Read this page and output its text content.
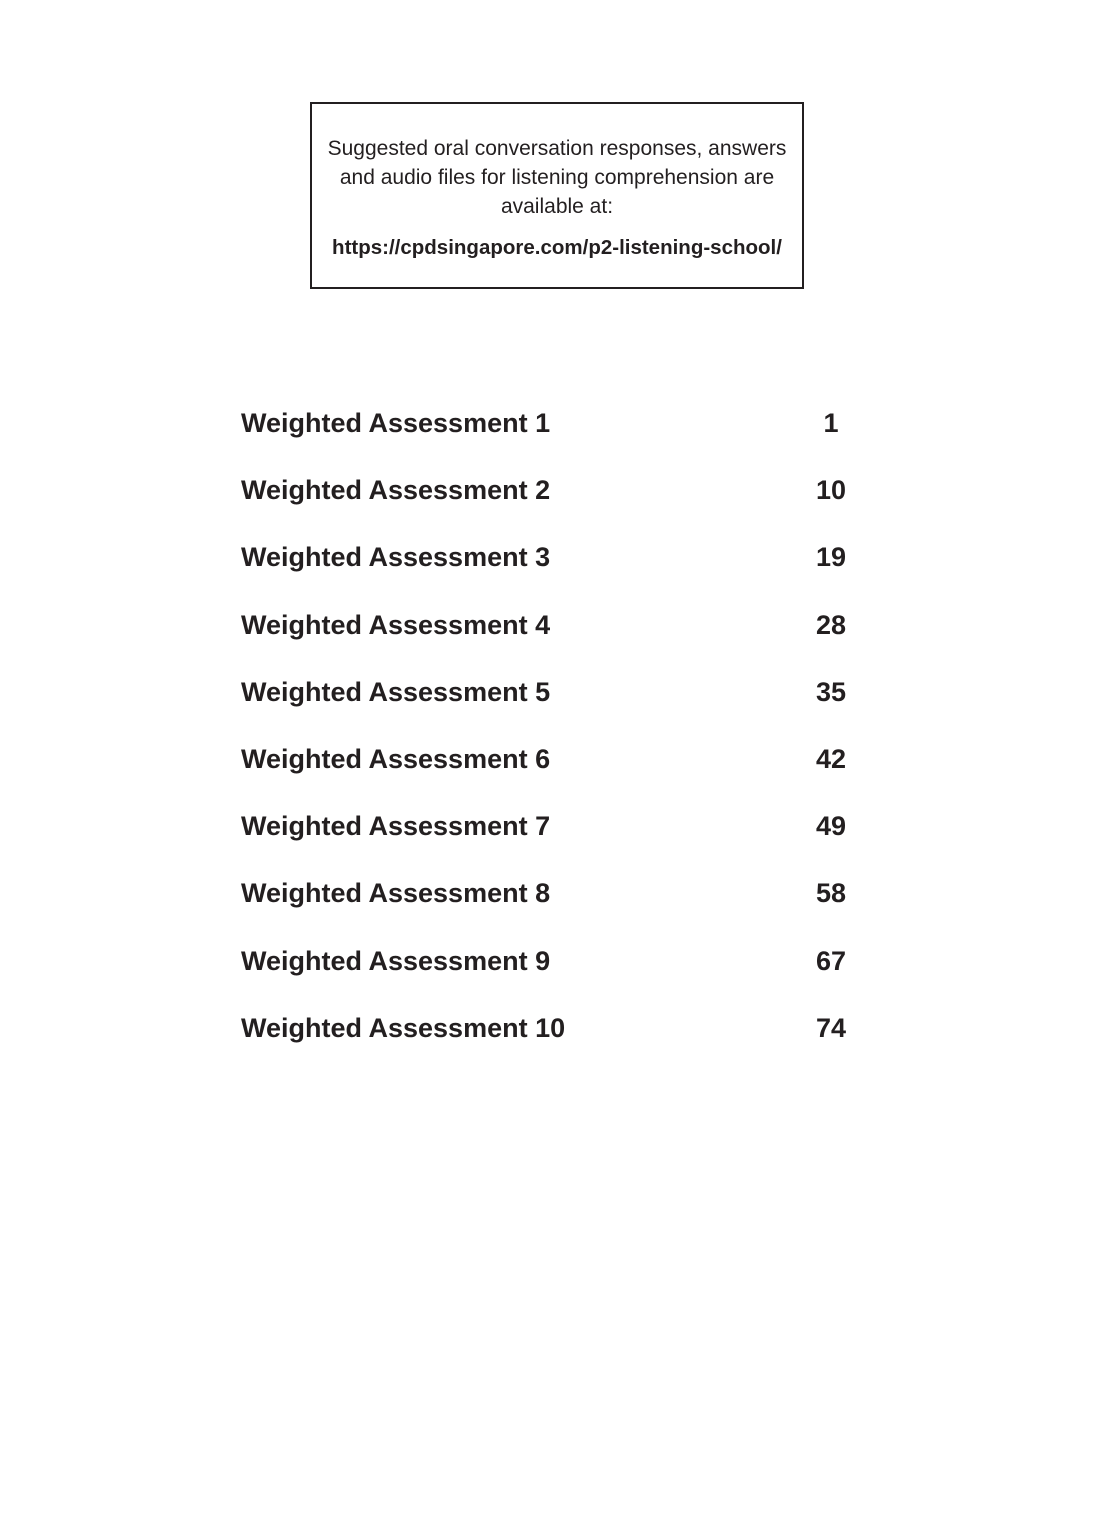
Suggested oral conversation responses, answers and audio files for listening comprehension are available at:

https://cpdsingapore.com/p2-listening-school/

Weighted Assessment 1	1
Weighted Assessment 2	10
Weighted Assessment 3	19
Weighted Assessment 4	28
Weighted Assessment 5	35
Weighted Assessment 6	42
Weighted Assessment 7	49
Weighted Assessment 8	58
Weighted Assessment 9	67
Weighted Assessment 10	74
